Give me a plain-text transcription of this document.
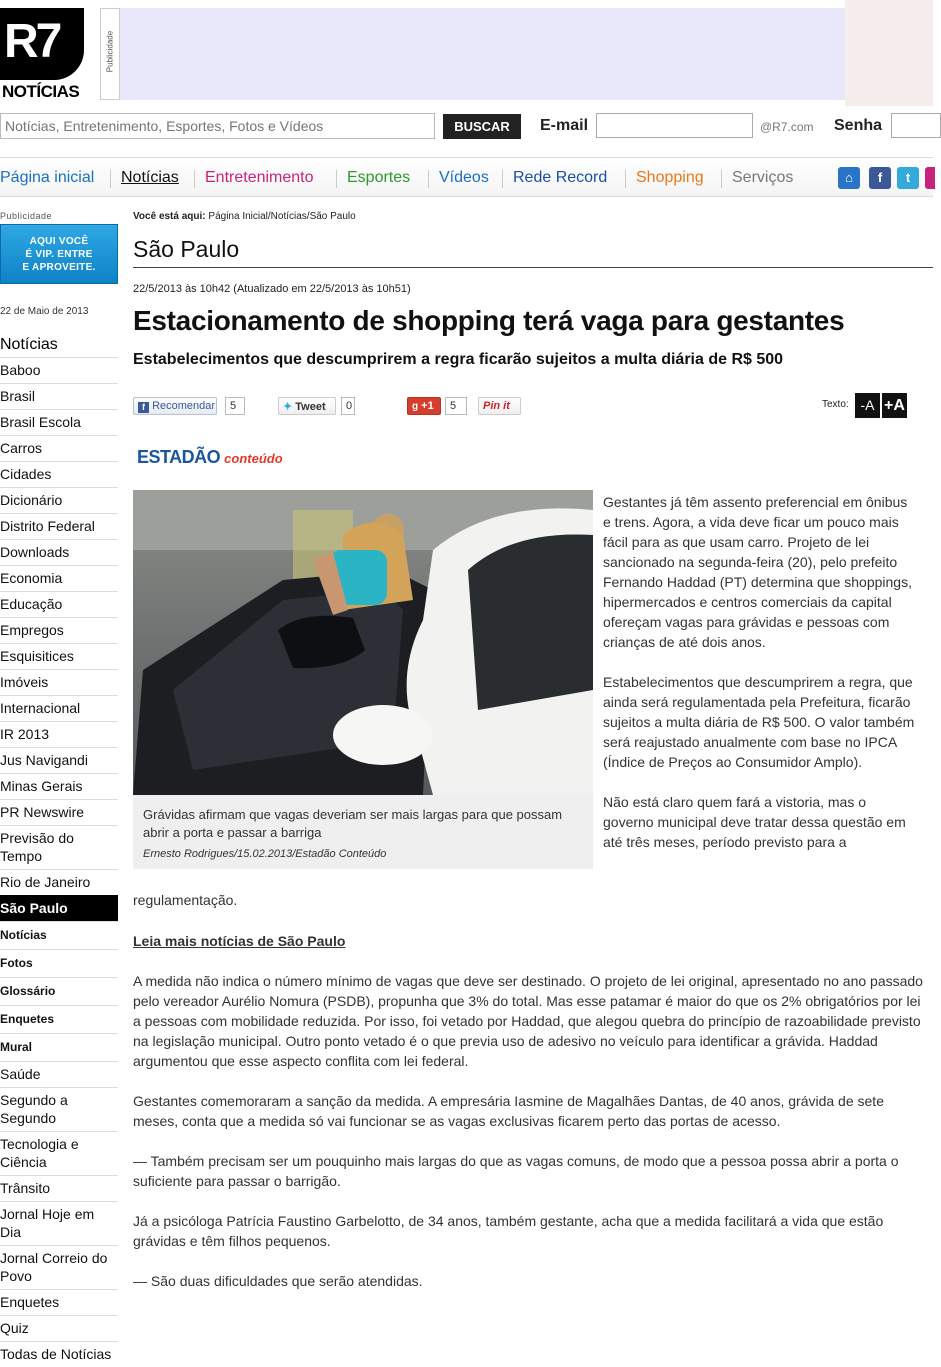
R7
NOTÍCIAS
Publicidade
Notícias, Entretenimento, Esportes, Fotos e Vídeos
BUSCAR	E-mail	@R7.com Senha
Página inicial Notícias Entretenimento Esportes Vídeos Rede Record Shopping Serviços	⌂	f	t
Publicidade
AQUI VOCÊ
É VIP. ENTRE
E APROVEITE.
22 de Maio de 2013
Notícias
Baboo
Brasil
Brasil Escola
Carros
Cidades
Dicionário
Distrito Federal
Downloads
Economia
Educação
Empregos
Esquisitices
Imóveis
Internacional
IR 2013
Jus Navigandi
Minas Gerais
PR Newswire
Previsão do Tempo
Rio de Janeiro
São Paulo
Notícias
Fotos
Glossário
Enquetes
Mural
Saúde
Segundo a Segundo
Tecnologia e Ciência
Trânsito
Jornal Hoje em Dia
Jornal Correio do Povo
Enquetes
Quiz
Todas de Notícias
Você está aqui: Página Inicial/Notícias/São Paulo
São Paulo
22/5/2013 às 10h42 (Atualizado em 22/5/2013 às 10h51)
Estacionamento de shopping terá vaga para gestantes
Estabelecimentos que descumprirem a regra ficarão sujeitos a multa diária de R$ 500
f Recomendar	5	✦ Tweet	0	g +1	5	Pin it	Texto: -A +A
ESTADÃO conteúdo
Grávidas afirmam que vagas deveriam ser mais largas para que possam abrir a porta e passar a barriga
Ernesto Rodrigues/15.02.2013/Estadão Conteúdo

Gestantes já têm assento preferencial em ônibus e trens. Agora, a vida deve ficar um pouco mais fácil para as que usam carro. Projeto de lei sancionado na segunda-feira (20), pelo prefeito Fernando Haddad (PT) determina que shoppings, hipermercados e centros comerciais da capital ofereçam vagas para grávidas e pessoas com crianças de até dois anos.

Estabelecimentos que descumprirem a regra, que ainda será regulamentada pela Prefeitura, ficarão sujeitos a multa diária de R$ 500. O valor também será reajustado anualmente com base no IPCA (Índice de Preços ao Consumidor Amplo).

Não está claro quem fará a vistoria, mas o governo municipal deve tratar dessa questão em até três meses, período previsto para a

regulamentação.
Leia mais notícias de São Paulo

A medida não indica o número mínimo de vagas que deve ser destinado. O projeto de lei original, apresentado no ano passado pelo vereador Aurélio Nomura (PSDB), propunha que 3% do total. Mas esse patamar é maior do que os 2% obrigatórios por lei a pessoas com mobilidade reduzida. Por isso, foi vetado por Haddad, que alegou quebra do princípio de razoabilidade previsto na legislação municipal. Outro ponto vetado é o que previa uso de adesivo no veículo para identificar a grávida. Haddad argumentou que esse aspecto conflita com lei federal.

Gestantes comemoraram a sanção da medida. A empresária Iasmine de Magalhães Dantas, de 40 anos, grávida de sete meses, conta que a medida só vai funcionar se as vagas exclusivas ficarem perto das portas de acesso.

— Também precisam ser um pouquinho mais largas do que as vagas comuns, de modo que a pessoa possa abrir a porta o suficiente para passar o barrigão.

Já a psicóloga Patrícia Faustino Garbelotto, de 34 anos, também gestante, acha que a medida facilitará a vida que estão grávidas e têm filhos pequenos.

— São duas dificuldades que serão atendidas.
